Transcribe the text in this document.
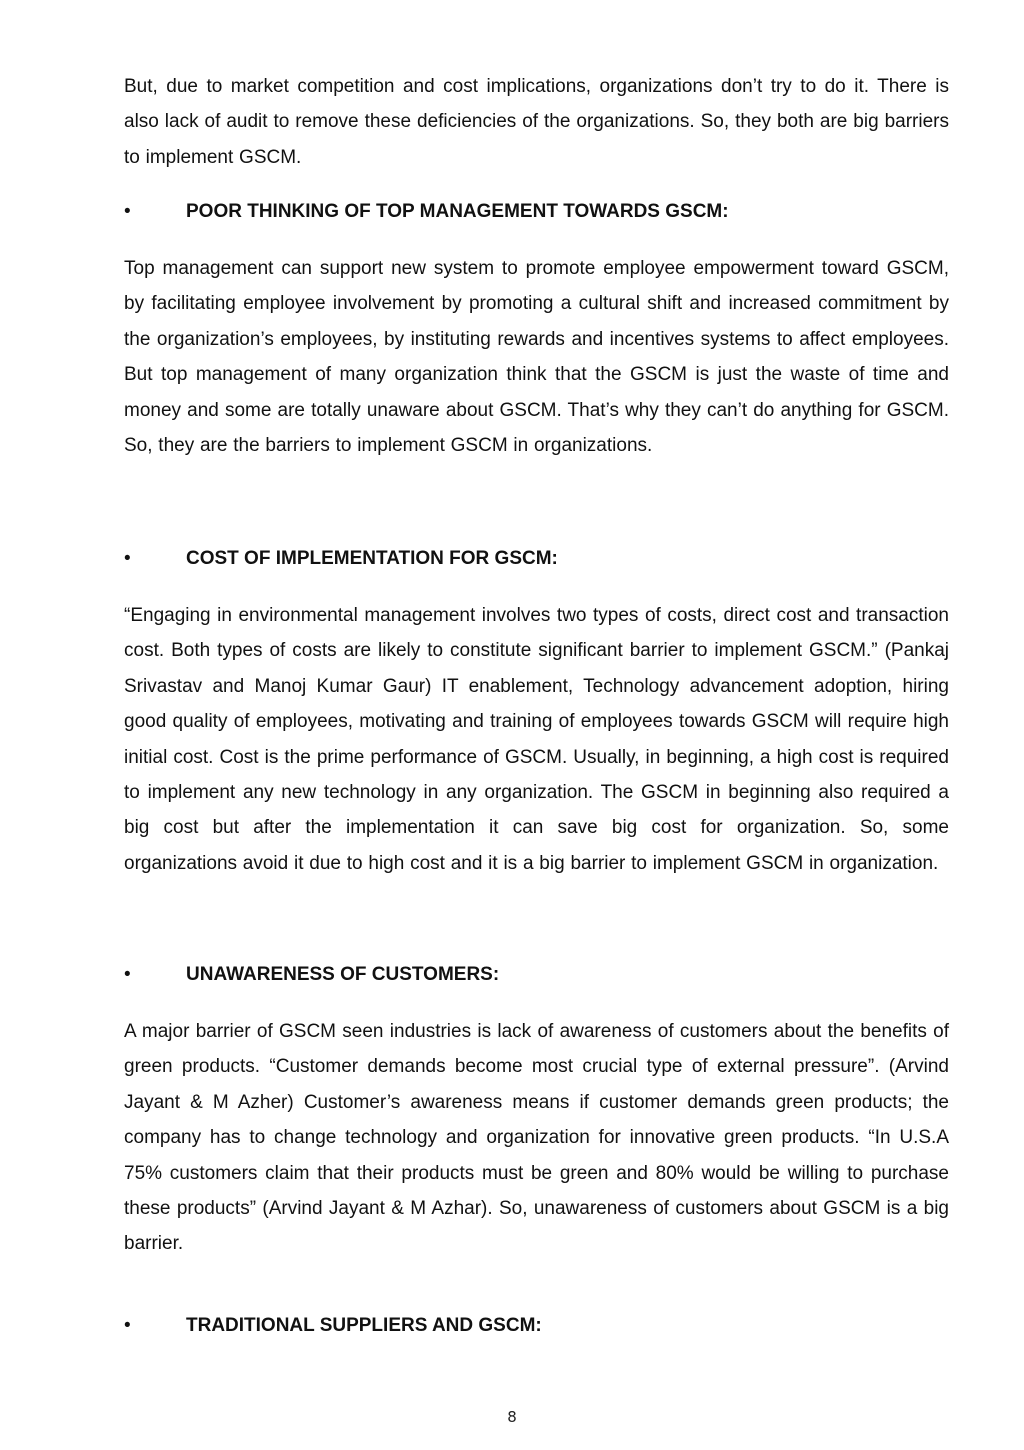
But, due to market competition and cost implications, organizations don’t try to do it. There is also lack of audit to remove these deficiencies of the organizations. So, they both are big barriers to implement GSCM.

•	POOR THINKING OF TOP MANAGEMENT TOWARDS GSCM:

Top management can support new system to promote employee empowerment toward GSCM, by facilitating employee involvement by promoting a cultural shift and increased commitment by the organization’s employees, by instituting rewards and incentives systems to affect employees. But top management of many organization think that the GSCM is just the waste of time and money and some are totally unaware about GSCM. That’s why they can’t do anything for GSCM. So, they are the barriers to implement GSCM in organizations.

•	COST OF IMPLEMENTATION FOR GSCM:

“Engaging in environmental management involves two types of costs, direct cost and transaction cost. Both types of costs are likely to constitute significant barrier to implement GSCM.” (Pankaj Srivastav and Manoj Kumar Gaur) IT enablement, Technology advancement adoption, hiring good quality of employees, motivating and training of employees towards GSCM will require high initial cost. Cost is the prime performance of GSCM. Usually, in beginning, a high cost is required to implement any new technology in any organization. The GSCM in beginning also required a big cost but after the implementation it can save big cost for organization. So, some organizations avoid it due to high cost and it is a big barrier to implement GSCM in organization.

•	UNAWARENESS OF CUSTOMERS:

A major barrier of GSCM seen industries is lack of awareness of customers about the benefits of green products. “Customer demands become most crucial type of external pressure”. (Arvind Jayant & M Azher) Customer’s awareness means if customer demands green products; the company has to change technology and organization for innovative green products. “In U.S.A 75% customers claim that their products must be green and 80% would be willing to purchase these products” (Arvind Jayant & M Azhar). So, unawareness of customers about GSCM is a big barrier.

•	TRADITIONAL SUPPLIERS AND GSCM:
8
